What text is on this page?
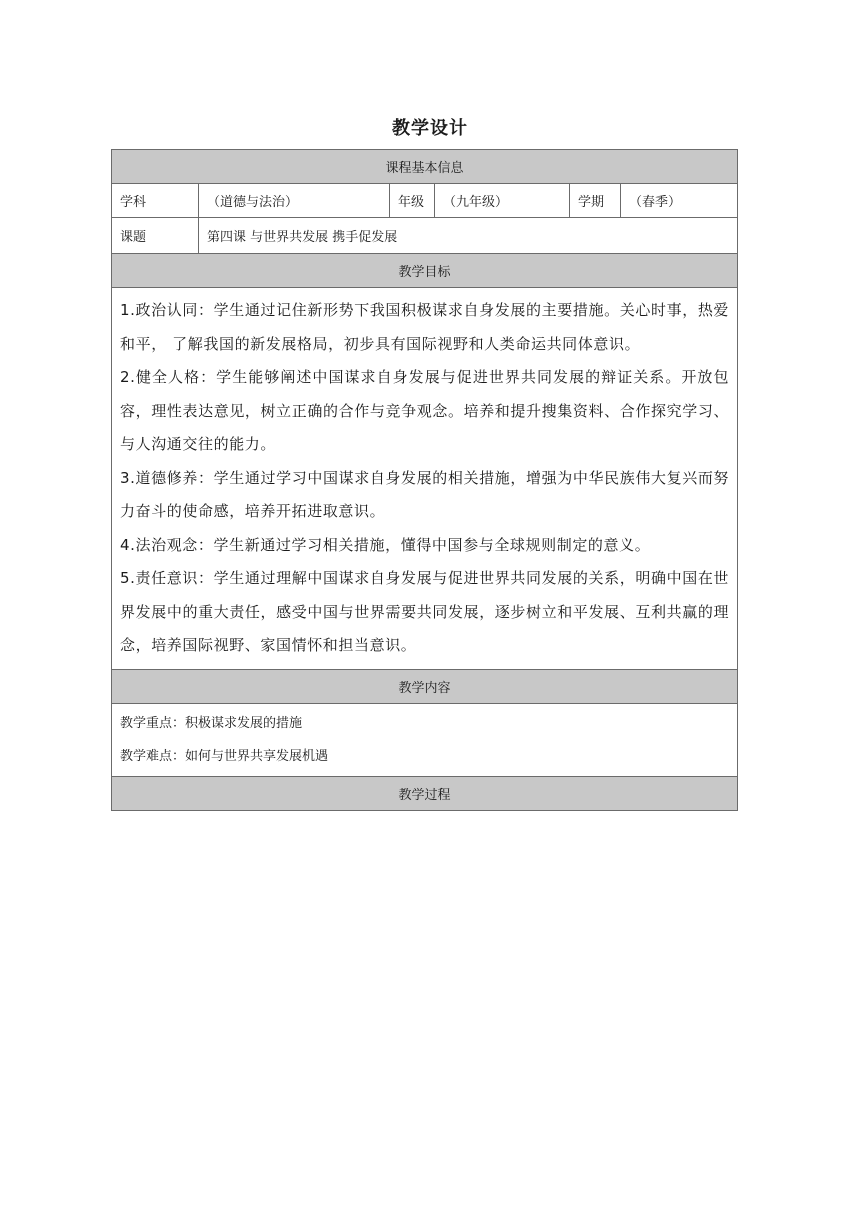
教学设计
课程基本信息					
学科	（道德与法治）	年级	（九年级）	学期	（春季）
课题	第四课 与世界共发展 携手促发展				
教学目标					

1.政治认同：学生通过记住新形势下我国积极谋求自身发展的主要措施。关心时事，热爱和平， 了解我国的新发展格局，初步具有国际视野和人类命运共同体意识。
2.健全人格：学生能够阐述中国谋求自身发展与促进世界共同发展的辩证关系。开放包容，理性表达意见，树立正确的合作与竞争观念。培养和提升搜集资料、合作探究学习、与人沟通交往的能力。
3.道德修养：学生通过学习中国谋求自身发展的相关措施，增强为中华民族伟大复兴而努力奋斗的使命感，培养开拓进取意识。
4.法治观念：学生新通过学习相关措施，懂得中国参与全球规则制定的意义。
5.责任意识：学生通过理解中国谋求自身发展与促进世界共同发展的关系，明确中国在世界发展中的重大责任，感受中国与世界需要共同发展，逐步树立和平发展、互利共赢的理念，培养国际视野、家国情怀和担当意识。					

教学内容					

教学重点：积极谋求发展的措施
教学难点：如何与世界共享发展机遇					

教学过程					
